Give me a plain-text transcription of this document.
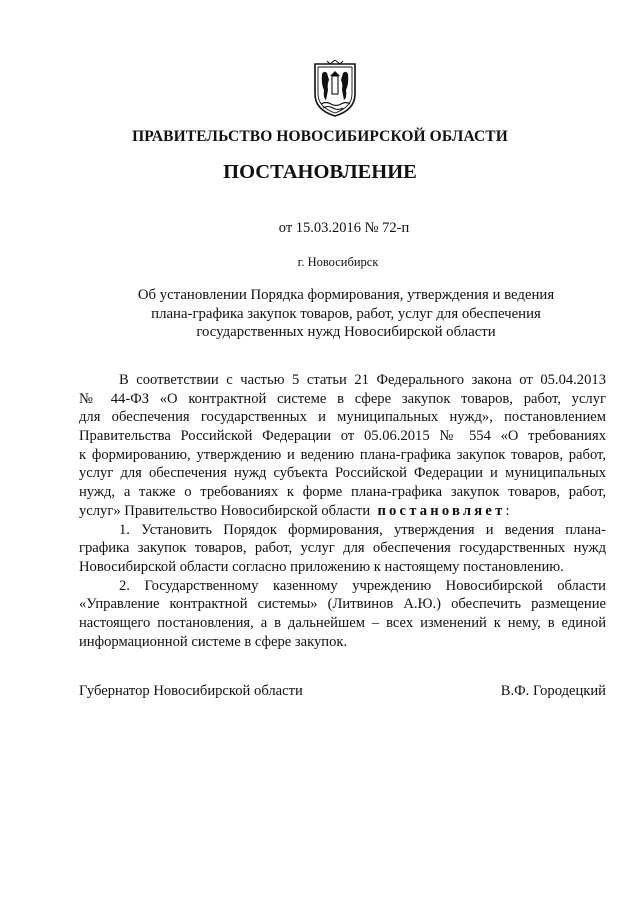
ПРАВИТЕЛЬСТВО НОВОСИБИРСКОЙ ОБЛАСТИ
ПОСТАНОВЛЕНИЕ
от 15.03.2016 № 72-п
г. Новосибирск
Об установлении Порядка формирования, утверждения и ведения
плана-графика закупок товаров, работ, услуг для обеспечения
государственных нужд Новосибирской области
В соответствии с частью 5 статьи 21 Федерального закона от 05.04.2013
№ 44-ФЗ «О контрактной системе в сфере закупок товаров, работ, услуг
для обеспечения государственных и муниципальных нужд», постановлением
Правительства Российской Федерации от 05.06.2015 № 554 «О требованиях
к формированию, утверждению и ведению плана-графика закупок товаров, работ,
услуг для обеспечения нужд субъекта Российской Федерации и муниципальных
нужд, а также о требованиях к форме плана-графика закупок товаров, работ,
услуг» Правительство Новосибирской области постановляет:
1. Установить Порядок формирования, утверждения и ведения плана-
графика закупок товаров, работ, услуг для обеспечения государственных нужд
Новосибирской области согласно приложению к настоящему постановлению.
2. Государственному казенному учреждению Новосибирской области
«Управление контрактной системы» (Литвинов А.Ю.) обеспечить размещение
настоящего постановления, а в дальнейшем – всех изменений к нему, в единой
информационной системе в сфере закупок.
Губернатор Новосибирской области	В.Ф. Городецкий
